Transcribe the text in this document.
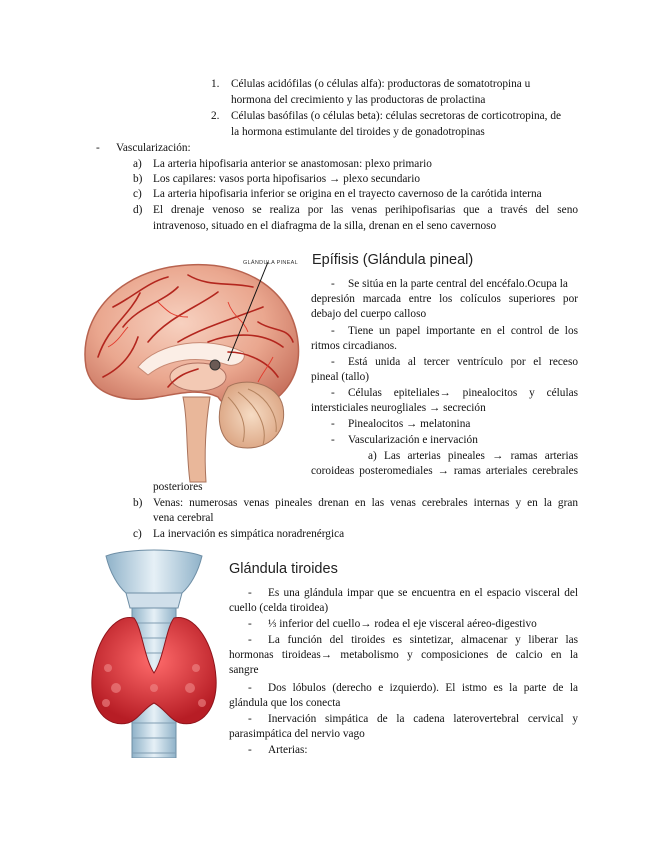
1. Células acidófilas (o células alfa): productoras de somatotropina u
hormona del crecimiento y las productoras de prolactina
2. Células basófilas (o células beta): células secretoras de corticotropina, de
la hormona estimulante del tiroides y de gonadotropinas
- Vascularización:
a) La arteria hipofisaria anterior se anastomosan: plexo primario
b) Los capilares: vasos porta hipofisarios → plexo secundario
c) La arteria hipofisaria inferior se origina en el trayecto cavernoso de la carótida interna
d) El drenaje venoso se realiza por las venas perihipofisarias que a través del seno
intravenoso, situado en el diafragma de la silla, drenan en el seno cavernoso
GLÁNDULA PINEAL Epífisis (Glándula pineal)
- Se sitúa en la parte central del encéfalo.Ocupa la
depresión marcada entre los colículos superiores por
debajo del cuerpo calloso
- Tiene un papel importante en el control de los
ritmos circadianos.
- Está unida al tercer ventrículo por el receso
pineal (tallo)
- Células epiteliales→ pinealocitos y células
intersticiales neurogliales → secreción
- Pinealocitos → melatonina
- Vascularización e inervación
a) Las arterias pineales → ramas arterias
coroideas posteromediales → ramas arteriales cerebrales
posteriores
b) Venas: numerosas venas pineales drenan en las venas cerebrales internas y en la gran
vena cerebral
c) La inervación es simpática noradrenérgica
Glándula tiroides
- Es una glándula impar que se encuentra en el espacio visceral del
cuello (celda tiroidea)
- ⅓ inferior del cuello→ rodea el eje visceral aéreo-digestivo
- La función del tiroides es sintetizar, almacenar y liberar las
hormonas tiroideas→ metabolismo y composiciones de calcio en la
sangre
- Dos lóbulos (derecho e izquierdo). El istmo es la parte de la
glándula que los conecta
- Inervación simpática de la cadena laterovertebral cervical y
parasimpática del nervio vago
- Arterias:
